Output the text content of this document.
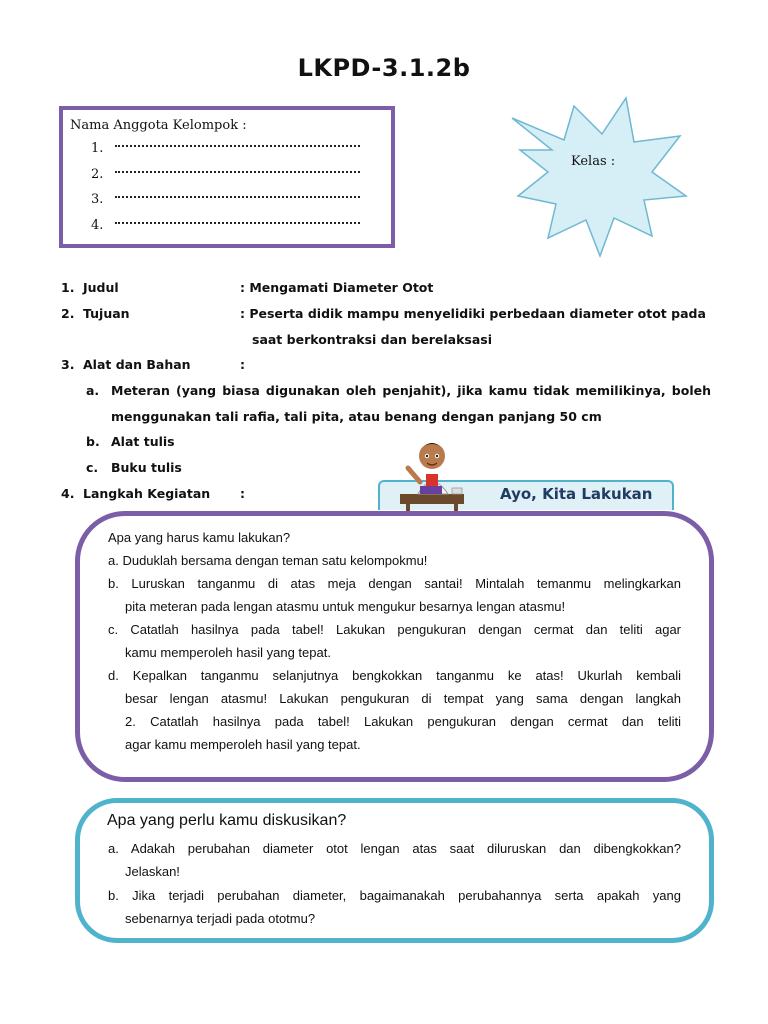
LKPD-3.1.2b
Nama Anggota Kelompok :
1.
2.
3.
4.
Kelas :
1. Judul	: Mengamati Diameter Otot
2. Tujuan	: Peserta didik mampu menyelidiki perbedaan diameter otot pada
saat berkontraksi dan berelaksasi
3. Alat dan Bahan	:
a. Meteran (yang biasa digunakan oleh penjahit), jika kamu tidak memilikinya, boleh
menggunakan tali rafia, tali pita, atau benang dengan panjang 50 cm
b. Alat tulis
c. Buku tulis
4. Langkah Kegiatan :	Ayo, Kita Lakukan
Apa yang harus kamu lakukan?
a. Duduklah bersama dengan teman satu kelompokmu!
b. Luruskan tanganmu di atas meja dengan santai! Mintalah temanmu melingkarkan
pita meteran pada lengan atasmu untuk mengukur besarnya lengan atasmu!
c. Catatlah hasilnya pada tabel! Lakukan pengukuran dengan cermat dan teliti agar
kamu memperoleh hasil yang tepat.
d. Kepalkan tanganmu selanjutnya bengkokkan tanganmu ke atas! Ukurlah kembali
besar lengan atasmu! Lakukan pengukuran di tempat yang sama dengan langkah
2. Catatlah hasilnya pada tabel! Lakukan pengukuran dengan cermat dan teliti
agar kamu memperoleh hasil yang tepat.
Apa yang perlu kamu diskusikan?
a. Adakah perubahan diameter otot lengan atas saat diluruskan dan dibengkokkan?
Jelaskan!
b. Jika terjadi perubahan diameter, bagaimanakah perubahannya serta apakah yang
sebenarnya terjadi pada ototmu?
